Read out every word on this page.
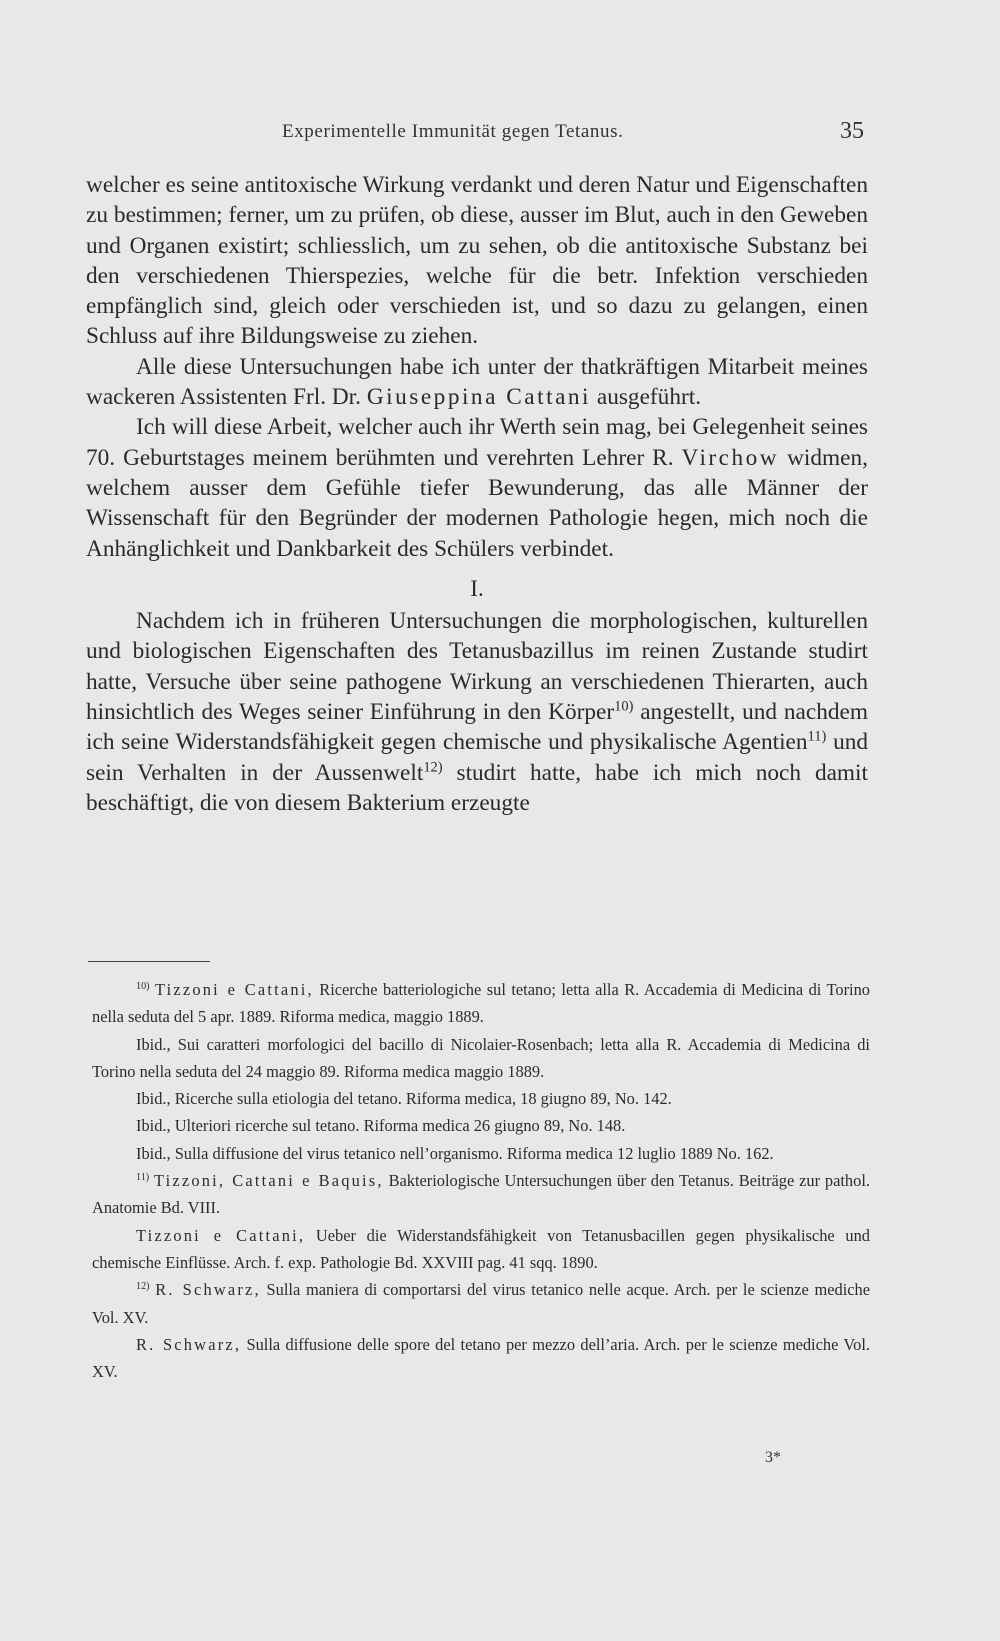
Experimentelle Immunität gegen Tetanus.	35

welcher es seine antitoxische Wirkung verdankt und deren Natur und Eigenschaften zu bestimmen; ferner, um zu prüfen, ob diese, ausser im Blut, auch in den Geweben und Organen existirt; schliesslich, um zu sehen, ob die antitoxische Substanz bei den verschiedenen Thierspezies, welche für die betr. Infektion verschieden empfänglich sind, gleich oder verschieden ist, und so dazu zu gelangen, einen Schluss auf ihre Bildungsweise zu ziehen.

Alle diese Untersuchungen habe ich unter der thatkräftigen Mitarbeit meines wackeren Assistenten Frl. Dr. Giuseppina Cattani ausgeführt.

Ich will diese Arbeit, welcher auch ihr Werth sein mag, bei Gelegenheit seines 70. Geburtstages meinem berühmten und verehrten Lehrer R. Virchow widmen, welchem ausser dem Gefühle tiefer Bewunderung, das alle Männer der Wissenschaft für den Begründer der modernen Pathologie hegen, mich noch die Anhänglichkeit und Dankbarkeit des Schülers verbindet.

I.

Nachdem ich in früheren Untersuchungen die morphologischen, kulturellen und biologischen Eigenschaften des Tetanusbazillus im reinen Zustande studirt hatte, Versuche über seine pathogene Wirkung an verschiedenen Thierarten, auch hinsichtlich des Weges seiner Einführung in den Körper$^{10)}$ angestellt, und nachdem ich seine Widerstandsfähigkeit gegen chemische und physikalische Agentien$^{11)}$ und sein Verhalten in der Aussenwelt$^{12)}$ studirt hatte, habe ich mich noch damit beschäftigt, die von diesem Bakterium erzeugte

$^{10)}$ Tizzoni e Cattani, Ricerche batteriologiche sul tetano; letta alla R. Accademia di Medicina di Torino nella seduta del 5 apr. 1889. Riforma medica, maggio 1889.

Ibid., Sui caratteri morfologici del bacillo di Nicolaier-Rosenbach; letta alla R. Accademia di Medicina di Torino nella seduta del 24 maggio 89. Riforma medica maggio 1889.

Ibid., Ricerche sulla etiologia del tetano. Riforma medica, 18 giugno 89, No. 142.

Ibid., Ulteriori ricerche sul tetano. Riforma medica 26 giugno 89, No. 148.

Ibid., Sulla diffusione del virus tetanico nell’organismo. Riforma medica 12 luglio 1889 No. 162.

$^{11)}$ Tizzoni, Cattani e Baquis, Bakteriologische Untersuchungen über den Tetanus. Beiträge zur pathol. Anatomie Bd. VIII.

Tizzoni e Cattani, Ueber die Widerstandsfähigkeit von Tetanusbacillen gegen physikalische und chemische Einflüsse. Arch. f. exp. Pathologie Bd. XXVIII pag. 41 sqq. 1890.

$^{12)}$ R. Schwarz, Sulla maniera di comportarsi del virus tetanico nelle acque. Arch. per le scienze mediche Vol. XV.

R. Schwarz, Sulla diffusione delle spore del tetano per mezzo dell’aria. Arch. per le scienze mediche Vol. XV.

3*
